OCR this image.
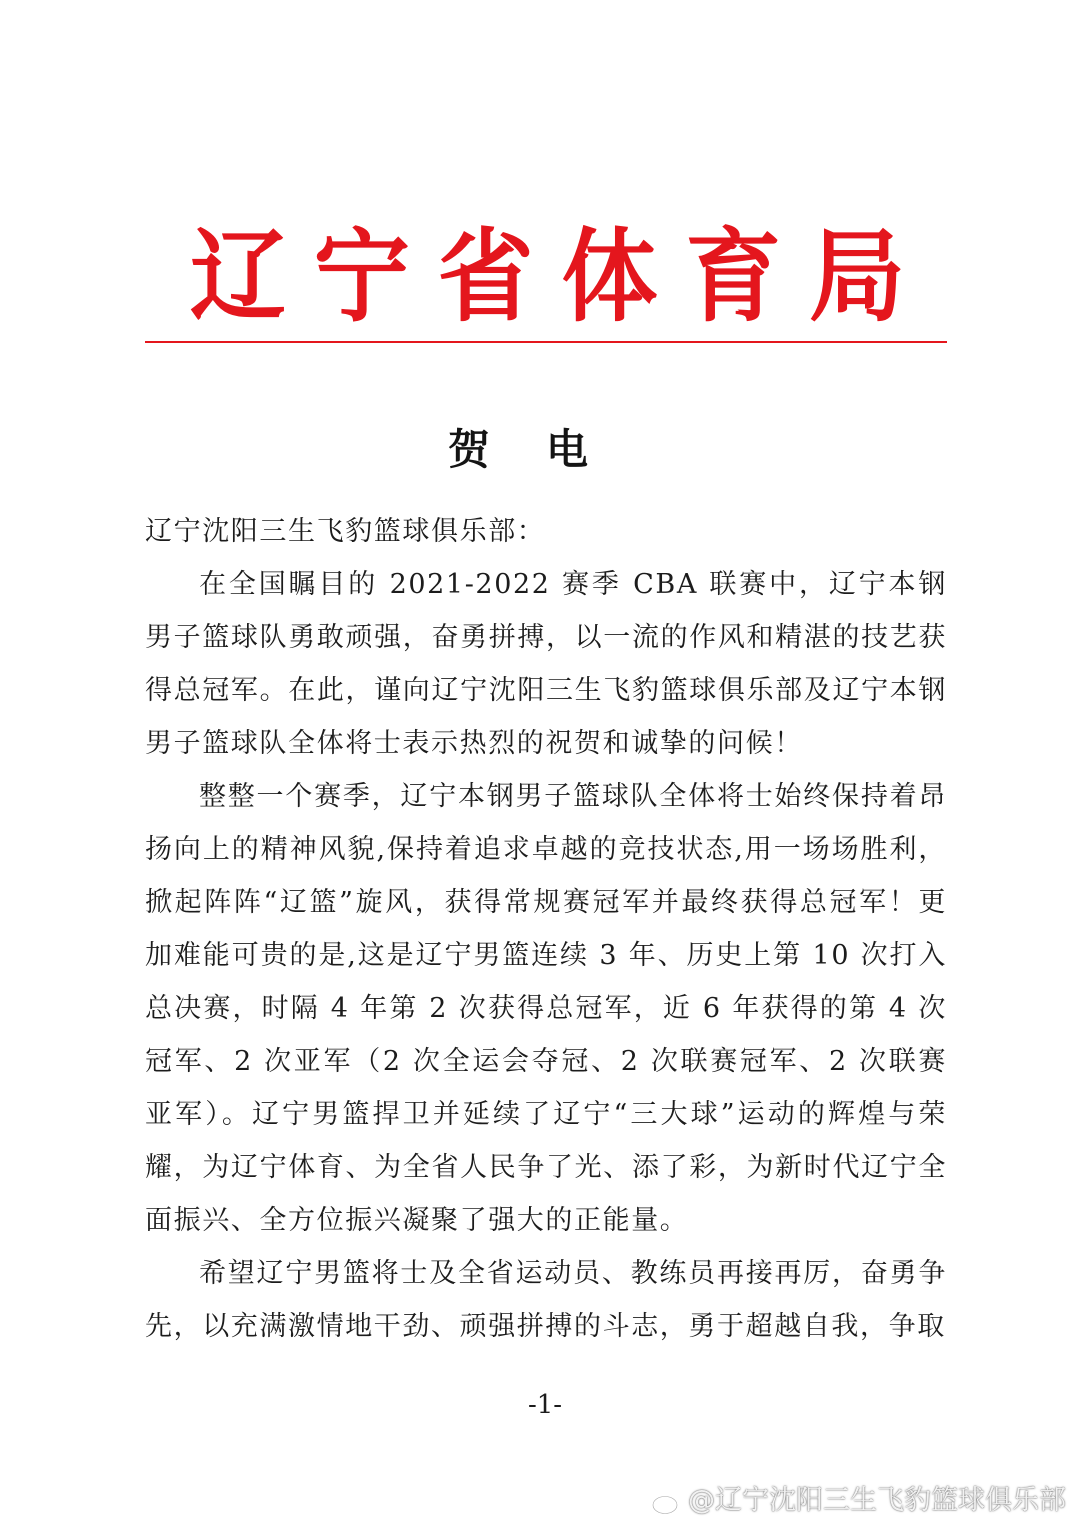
辽 宁 省 体 育 局
贺电

辽宁沈阳三生飞豹篮球俱乐部：

在全国瞩目的 2021-2022 赛季 CBA 联赛中，辽宁本钢男子篮球队勇敢顽强，奋勇拼搏，以一流的作风和精湛的技艺获得总冠军。在此，谨向辽宁沈阳三生飞豹篮球俱乐部及辽宁本钢男子篮球队全体将士表示热烈的祝贺和诚挚的问候！

整整一个赛季，辽宁本钢男子篮球队全体将士始终保持着昂扬向上的精神风貌,保持着追求卓越的竞技状态,用一场场胜利，掀起阵阵“辽篮”旋风，获得常规赛冠军并最终获得总冠军！更加难能可贵的是,这是辽宁男篮连续 3 年、历史上第 10 次打入总决赛，时隔 4 年第 2 次获得总冠军，近 6 年获得的第 4 次冠军、2 次亚军（2 次全运会夺冠、2 次联赛冠军、2 次联赛亚军）。辽宁男篮捍卫并延续了辽宁“三大球”运动的辉煌与荣耀，为辽宁体育、为全省人民争了光、添了彩，为新时代辽宁全面振兴、全方位振兴凝聚了强大的正能量。

希望辽宁男篮将士及全省运动员、教练员再接再厉，奋勇争先，以充满激情地干劲、顽强拼搏的斗志，勇于超越自我，争取

-1-
@辽宁沈阳三生飞豹篮球俱乐部
